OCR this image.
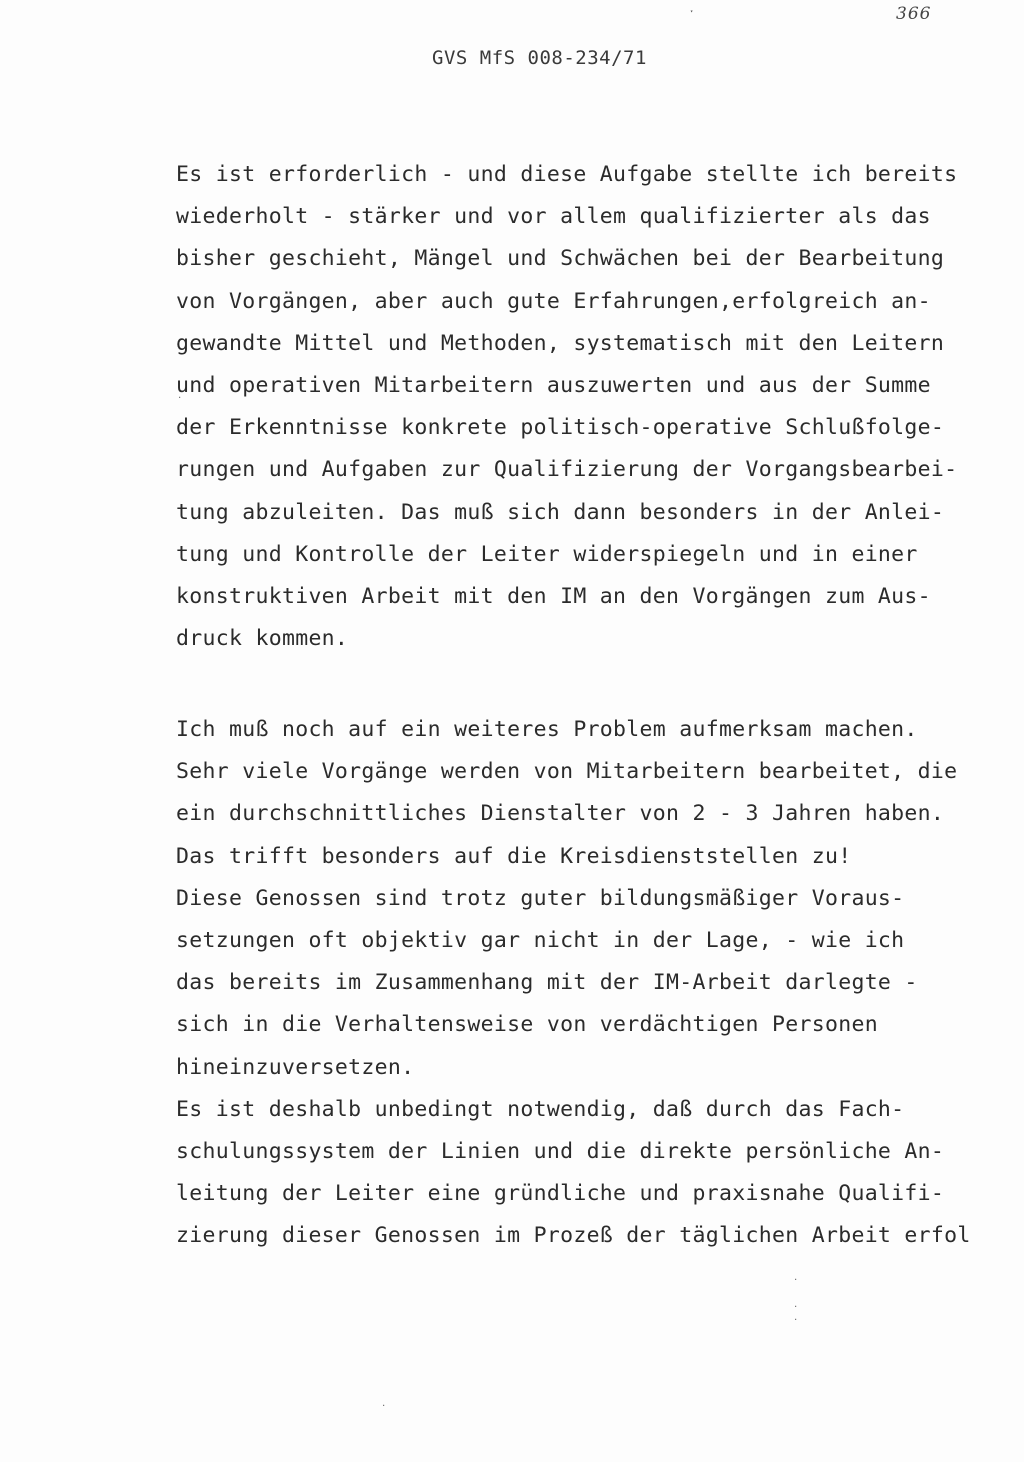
ˑ	366
GVS MfS 008-234/71
Es ist erforderlich - und diese Aufgabe stellte ich bereits
wiederholt - stärker und vor allem qualifizierter als das
bisher geschieht, Mängel und Schwächen bei der Bearbeitung
von Vorgängen, aber auch gute Erfahrungen,erfolgreich an-
gewandte Mittel und Methoden, systematisch mit den Leitern
und operativen Mitarbeitern auszuwerten und aus der Summe
der Erkenntnisse konkrete politisch-operative Schlußfolge-
rungen und Aufgaben zur Qualifizierung der Vorgangsbearbei-
tung abzuleiten. Das muß sich dann besonders in der Anlei-
tung und Kontrolle der Leiter widerspiegeln und in einer
konstruktiven Arbeit mit den IM an den Vorgängen zum Aus-
druck kommen.
Ich muß noch auf ein weiteres Problem aufmerksam machen.
Sehr viele Vorgänge werden von Mitarbeitern bearbeitet, die
ein durchschnittliches Dienstalter von 2 - 3 Jahren haben.
Das trifft besonders auf die Kreisdienststellen zu!
Diese Genossen sind trotz guter bildungsmäßiger Voraus-
setzungen oft objektiv gar nicht in der Lage, - wie ich
das bereits im Zusammenhang mit der IM-Arbeit darlegte -
sich in die Verhaltensweise von verdächtigen Personen
hineinzuversetzen.
Es ist deshalb unbedingt notwendig, daß durch das Fach-
schulungssystem der Linien und die direkte persönliche An-
leitung der Leiter eine gründliche und praxisnahe Qualifi-
zierung dieser Genossen im Prozeß der täglichen Arbeit erfol
˙
˙
˙
˙
˙
